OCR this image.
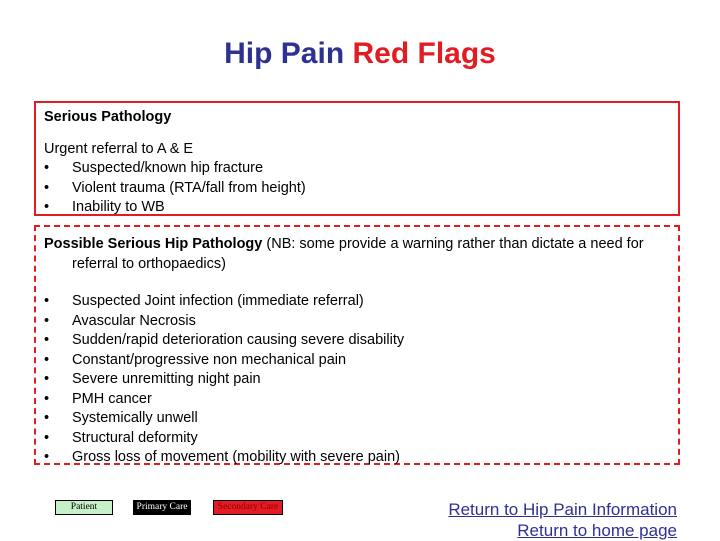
Hip Pain Red Flags
Serious Pathology
Urgent referral to A & E
• Suspected/known hip fracture
• Violent trauma (RTA/fall from height)
• Inability to WB
Possible Serious Hip Pathology (NB: some provide a warning rather than dictate a need for referral to orthopaedics)
• Suspected Joint infection (immediate referral)
• Avascular Necrosis
• Sudden/rapid deterioration causing severe disability
• Constant/progressive non mechanical pain
• Severe unremitting night pain
• PMH cancer
• Systemically unwell
• Structural deformity
• Gross loss of movement (mobility with severe pain)
Patient	Primary Care	Secondary Care	Return to Hip Pain Information
Return to home page
